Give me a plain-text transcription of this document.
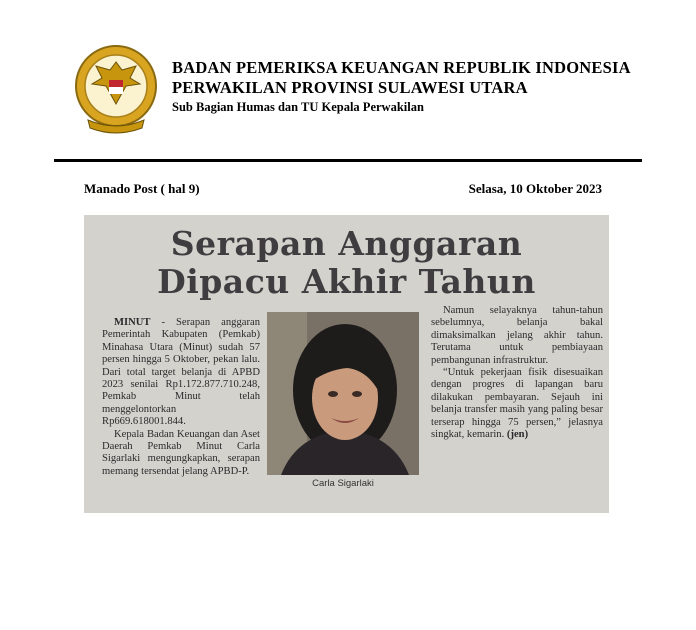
BADAN PEMERIKSA KEUANGAN REPUBLIK INDONESIA
PERWAKILAN PROVINSI SULAWESI UTARA
Sub Bagian Humas dan TU Kepala Perwakilan
Manado Post ( hal 9)	Selasa, 10 Oktober 2023
Serapan Anggaran
Dipacu Akhir Tahun

MINUT - Serapan anggaran Pemerintah Kabupaten (Pemkab) Minahasa Utara (Minut) sudah 57 persen hingga 5 Oktober, pekan lalu. Dari total target belanja di APBD 2023 senilai Rp1.172.877.710.248, Pemkab Minut telah menggelontorkan Rp669.618001.844.

Kepala Badan Keuangan dan Aset Daerah Pemkab Minut Carla Sigarlaki mengungkapkan, serapan memang tersendat jelang APBD-P.

Carla Sigarlaki

Namun selayaknya tahun-tahun sebelumnya, belanja bakal dimaksimalkan jelang akhir tahun. Terutama untuk pembiayaan pembangunan infrastruktur.

“Untuk pekerjaan fisik disesuaikan dengan progres di lapangan baru dilakukan pembayaran. Sejauh ini belanja transfer masih yang paling besar terserap hingga 75 persen,” jelasnya singkat, kemarin. (jen)
